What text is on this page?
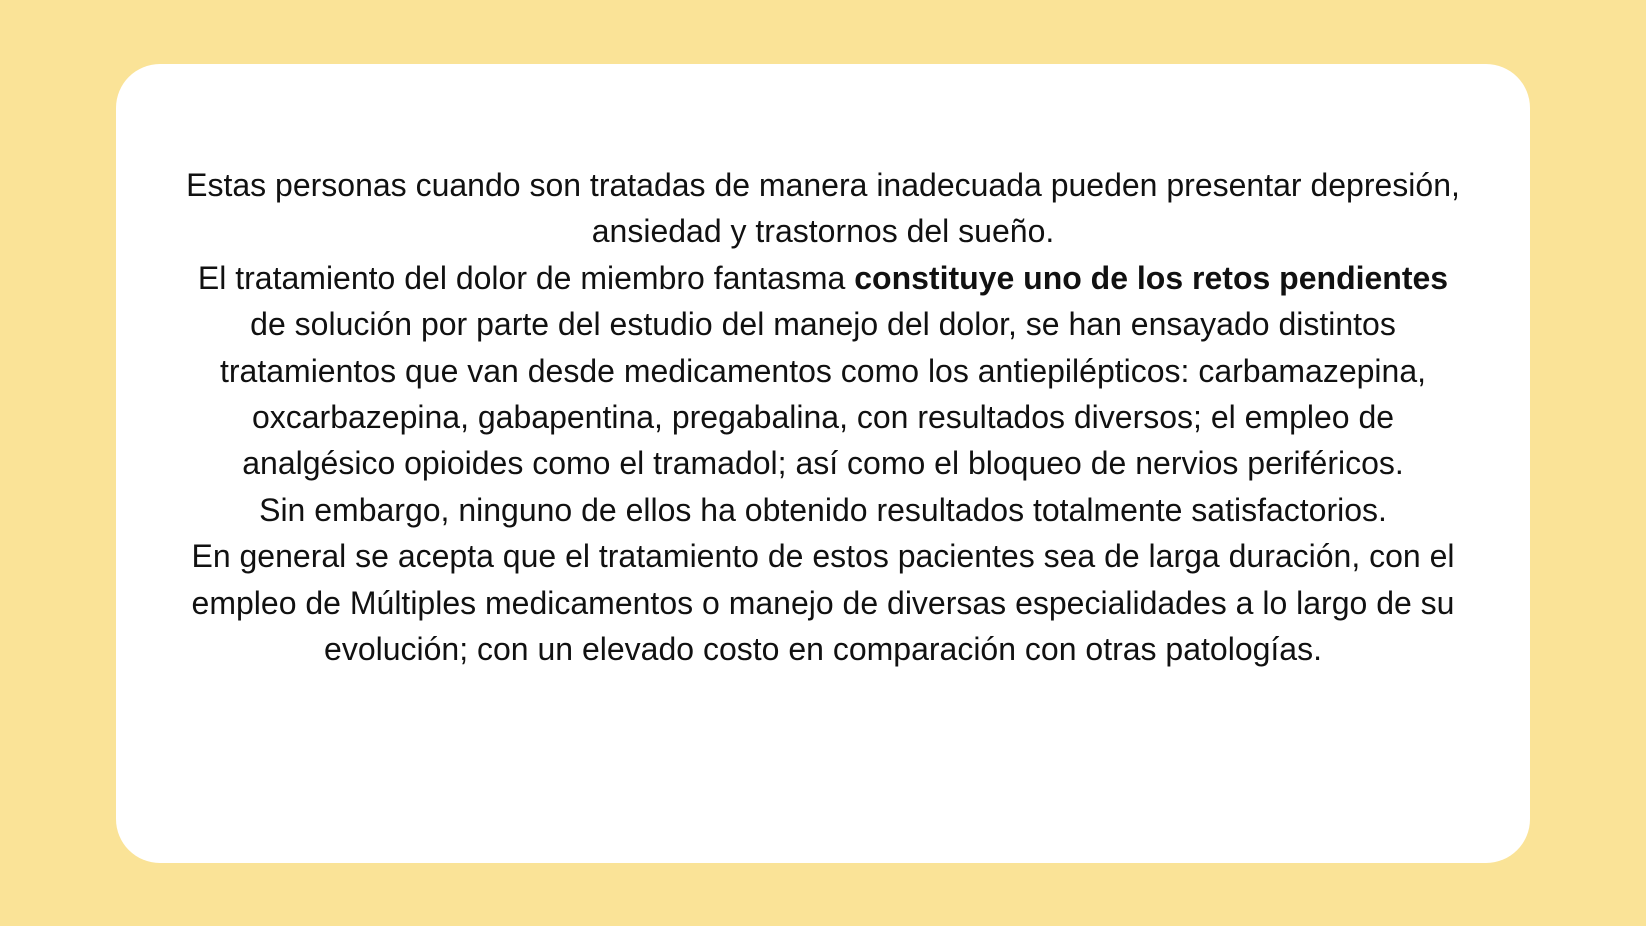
Estas personas cuando son tratadas de manera inadecuada pueden presentar depresión, ansiedad y trastornos del sueño.

El tratamiento del dolor de miembro fantasma constituye uno de los retos pendientes de solución por parte del estudio del manejo del dolor, se han ensayado distintos tratamientos que van desde medicamentos como los antiepilépticos: carbamazepina, oxcarbazepina, gabapentina, pregabalina, con resultados diversos; el empleo de analgésico opioides como el tramadol; así como el bloqueo de nervios periféricos.

Sin embargo, ninguno de ellos ha obtenido resultados totalmente satisfactorios.

En general se acepta que el tratamiento de estos pacientes sea de larga duración, con el empleo de Múltiples medicamentos o manejo de diversas especialidades a lo largo de su evolución; con un elevado costo en comparación con otras patologías.
